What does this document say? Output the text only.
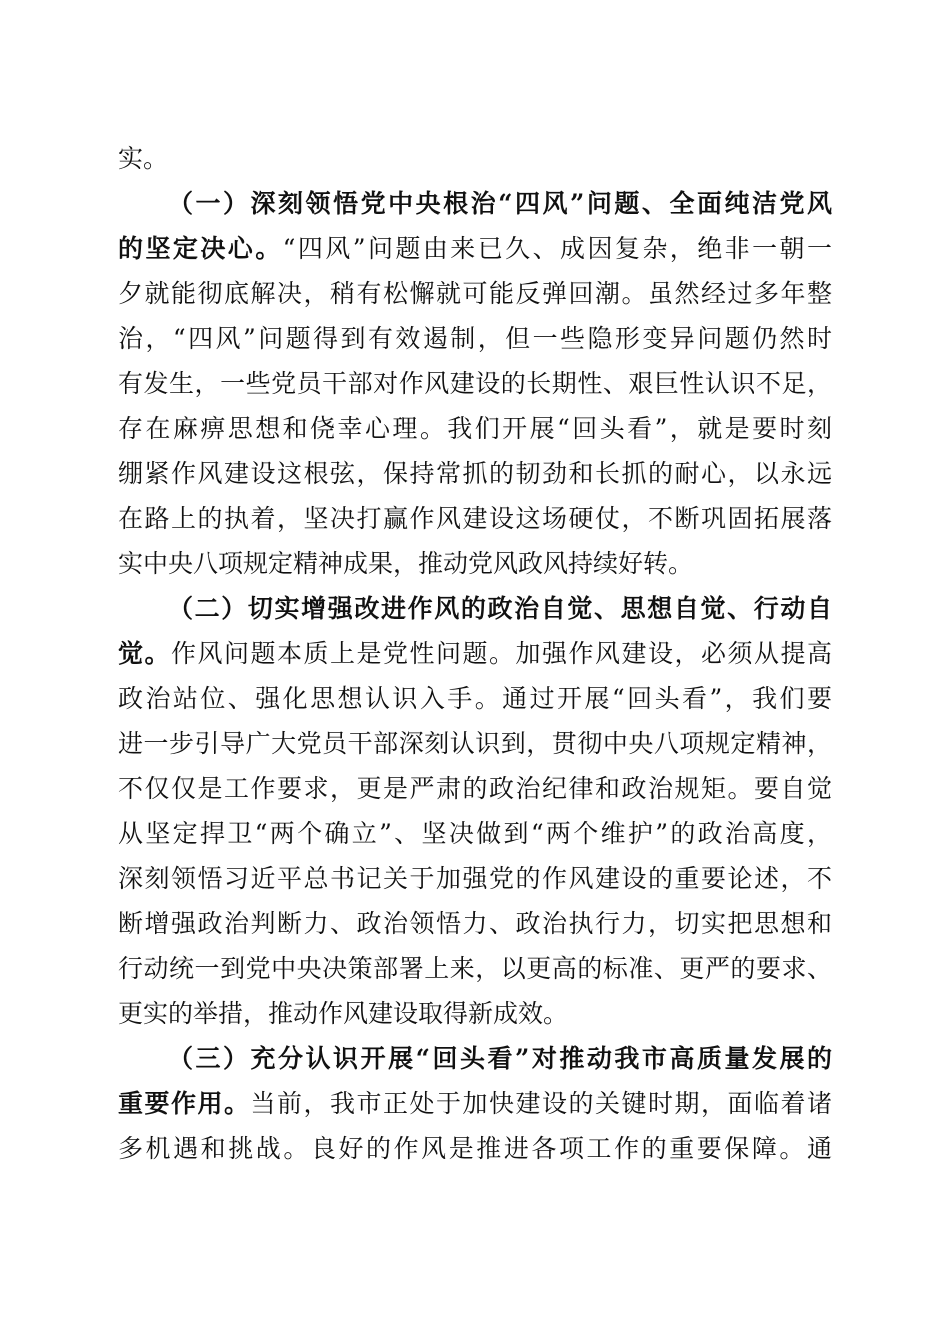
实。
（一）深刻领悟党中央根治“四风”问题、全面纯洁党风
的坚定决心。“四风”问题由来已久、成因复杂，绝非一朝一
夕就能彻底解决，稍有松懈就可能反弹回潮。虽然经过多年整
治，“四风”问题得到有效遏制，但一些隐形变异问题仍然时
有发生，一些党员干部对作风建设的长期性、艰巨性认识不足，
存在麻痹思想和侥幸心理。我们开展“回头看”，就是要时刻
绷紧作风建设这根弦，保持常抓的韧劲和长抓的耐心，以永远
在路上的执着，坚决打赢作风建设这场硬仗，不断巩固拓展落
实中央八项规定精神成果，推动党风政风持续好转。
（二）切实增强改进作风的政治自觉、思想自觉、行动自
觉。作风问题本质上是党性问题。加强作风建设，必须从提高
政治站位、强化思想认识入手。通过开展“回头看”，我们要
进一步引导广大党员干部深刻认识到，贯彻中央八项规定精神，
不仅仅是工作要求，更是严肃的政治纪律和政治规矩。要自觉
从坚定捍卫“两个确立”、坚决做到“两个维护”的政治高度，
深刻领悟习近平总书记关于加强党的作风建设的重要论述，不
断增强政治判断力、政治领悟力、政治执行力，切实把思想和
行动统一到党中央决策部署上来，以更高的标准、更严的要求、
更实的举措，推动作风建设取得新成效。
（三）充分认识开展“回头看”对推动我市高质量发展的
重要作用。当前，我市正处于加快建设的关键时期，面临着诸
多机遇和挑战。良好的作风是推进各项工作的重要保障。通
